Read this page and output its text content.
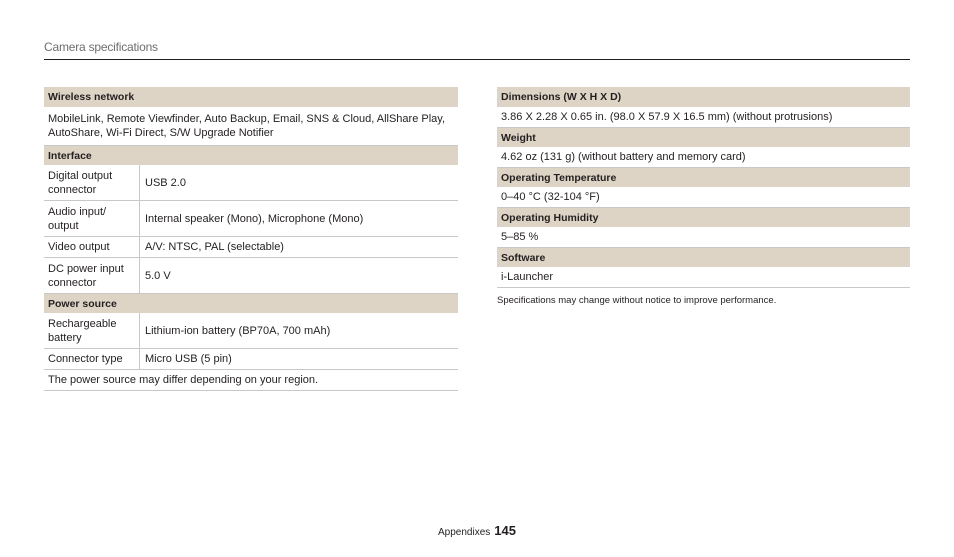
Camera specifications
Wireless network
MobileLink, Remote Viewfinder, Auto Backup, Email, SNS & Cloud, AllShare Play, AutoShare, Wi-Fi Direct, S/W Upgrade Notifier
Interface
Digital output connector
USB 2.0
Audio input/ output
Internal speaker (Mono), Microphone (Mono)
Video output	A/V: NTSC, PAL (selectable)
DC power input connector
5.0 V
Power source
Rechargeable battery
Lithium-ion battery (BP70A, 700 mAh)
Connector type	Micro USB (5 pin)
The power source may differ depending on your region.
Dimensions (W X H X D)
3.86 X 2.28 X 0.65 in. (98.0 X 57.9 X 16.5 mm) (without protrusions)
Weight
4.62 oz (131 g) (without battery and memory card)
Operating Temperature
0–40 °C (32-104 °F)
Operating Humidity
5–85 %
Software
i-Launcher
Specifications may change without notice to improve performance.
Appendixes 145
